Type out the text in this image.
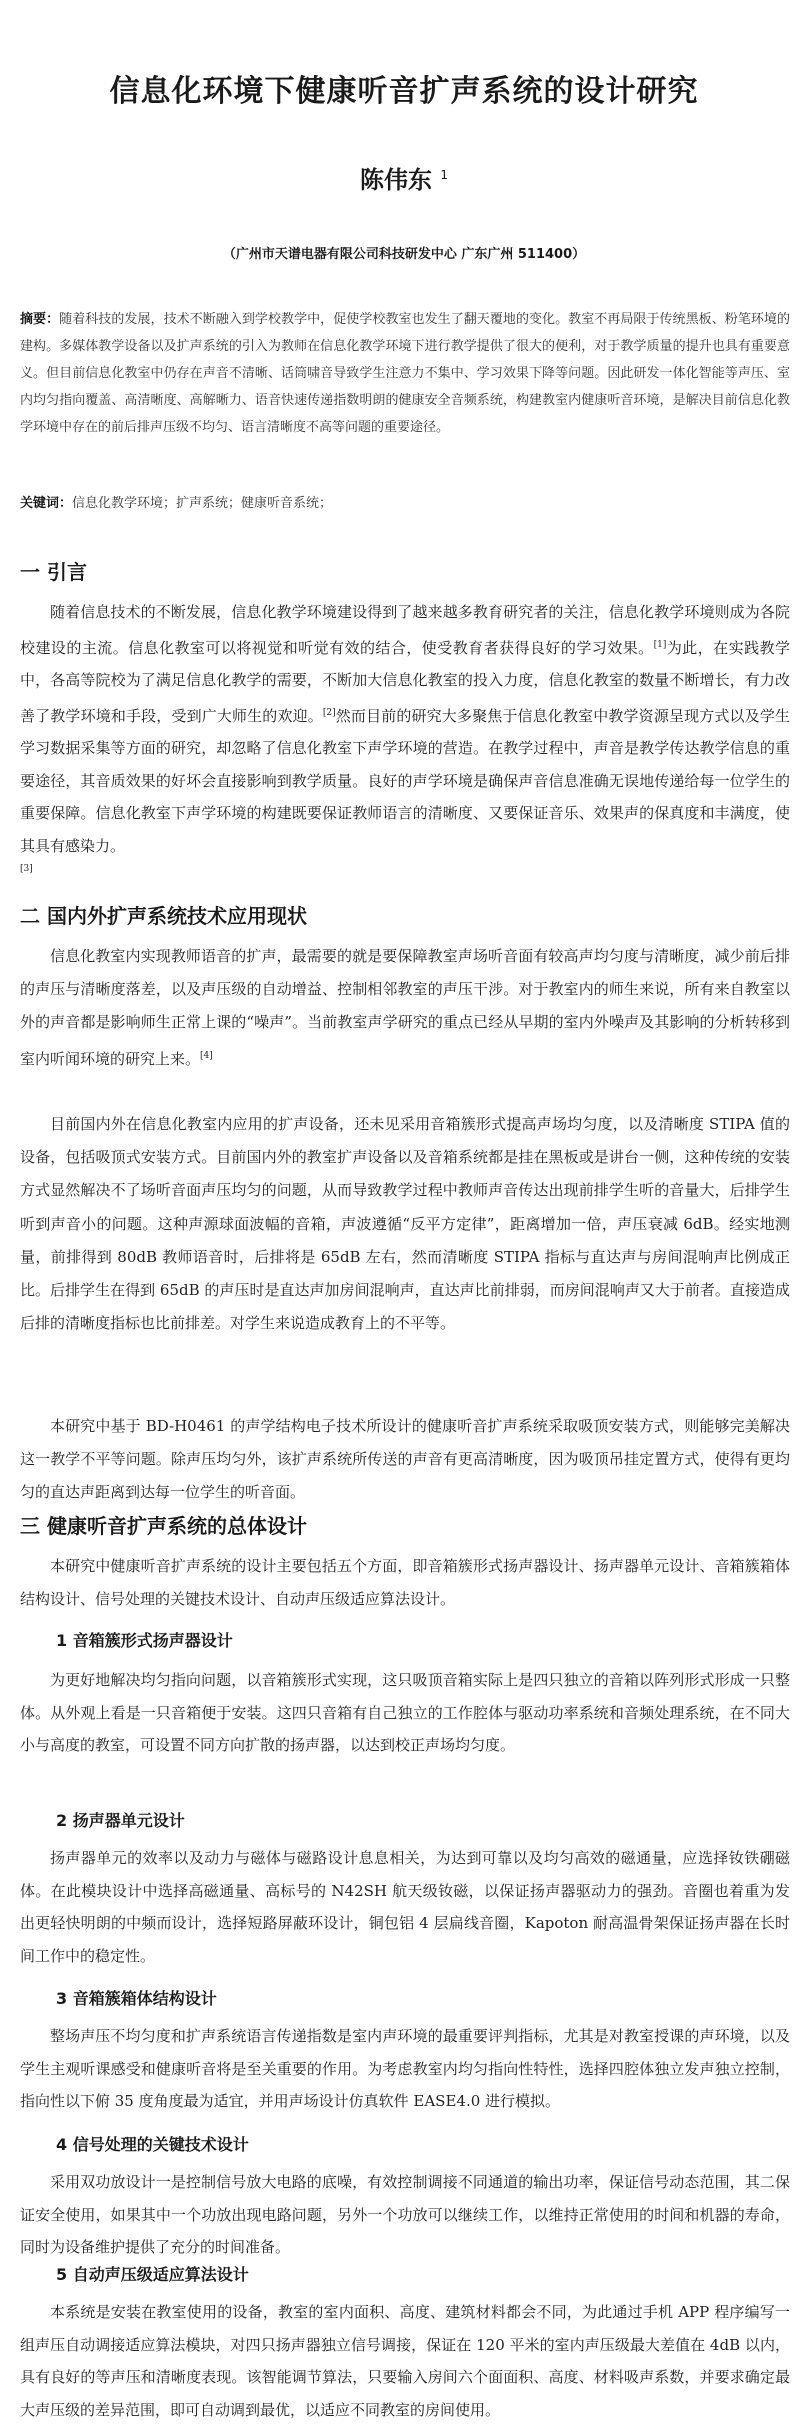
信息化环境下健康听音扩声系统的设计研究
陈伟东 $^1$
（广州市天谱电器有限公司科技研发中心 广东广州 511400）
摘要：随着科技的发展，技术不断融入到学校教学中，促使学校教室也发生了翻天覆地的变化。教室不再局限于传统黑板、粉笔环境的建构。多媒体教学设备以及扩声系统的引入为教师在信息化教学环境下进行教学提供了很大的便利，对于教学质量的提升也具有重要意义。但目前信息化教室中仍存在声音不清晰、话筒啸音导致学生注意力不集中、学习效果下降等问题。因此研发一体化智能等声压、室内均匀指向覆盖、高清晰度、高解晰力、语音快速传递指数明朗的健康安全音频系统，构建教室内健康听音环境，是解决目前信息化教学环境中存在的前后排声压级不均匀、语言清晰度不高等问题的重要途径。
关键词：信息化教学环境；扩声系统；健康听音系统；
一 引言
随着信息技术的不断发展，信息化教学环境建设得到了越来越多教育研究者的关注，信息化教学环境则成为各院校建设的主流。信息化教室可以将视觉和听觉有效的结合，使受教育者获得良好的学习效果。[1]为此，在实践教学中，各高等院校为了满足信息化教学的需要，不断加大信息化教室的投入力度，信息化教室的数量不断增长，有力改善了教学环境和手段，受到广大师生的欢迎。[2]然而目前的研究大多聚焦于信息化教室中教学资源呈现方式以及学生学习数据采集等方面的研究，却忽略了信息化教室下声学环境的营造。在教学过程中，声音是教学传达教学信息的重要途径，其音质效果的好坏会直接影响到教学质量。良好的声学环境是确保声音信息准确无误地传递给每一位学生的重要保障。信息化教室下声学环境的构建既要保证教师语言的清晰度、又要保证音乐、效果声的保真度和丰满度，使其具有感染力。
[3]
二 国内外扩声系统技术应用现状
信息化教室内实现教师语音的扩声，最需要的就是要保障教室声场听音面有较高声均匀度与清晰度，减少前后排的声压与清晰度落差，以及声压级的自动增益、控制相邻教室的声压干涉。对于教室内的师生来说，所有来自教室以外的声音都是影响师生正常上课的“噪声”。当前教室声学研究的重点已经从早期的室内外噪声及其影响的分析转移到室内听闻环境的研究上来。[4]
目前国内外在信息化教室内应用的扩声设备，还未见采用音箱簇形式提高声场均匀度，以及清晰度 STIPA 值的设备，包括吸顶式安装方式。目前国内外的教室扩声设备以及音箱系统都是挂在黑板或是讲台一侧，这种传统的安装方式显然解决不了场听音面声压均匀的问题，从而导致教学过程中教师声音传达出现前排学生听的音量大，后排学生听到声音小的问题。这种声源球面波幅的音箱，声波遵循“反平方定律”，距离增加一倍，声压衰减 6dB。经实地测量，前排得到 80dB 教师语音时，后排将是 65dB 左右，然而清晰度 STIPA 指标与直达声与房间混响声比例成正比。后排学生在得到 65dB 的声压时是直达声加房间混响声，直达声比前排弱，而房间混响声又大于前者。直接造成后排的清晰度指标也比前排差。对学生来说造成教育上的不平等。
本研究中基于 BD-H0461 的声学结构电子技术所设计的健康听音扩声系统采取吸顶安装方式，则能够完美解决这一教学不平等问题。除声压均匀外，该扩声系统所传送的声音有更高清晰度，因为吸顶吊挂定置方式，使得有更均匀的直达声距离到达每一位学生的听音面。
三 健康听音扩声系统的总体设计
本研究中健康听音扩声系统的设计主要包括五个方面，即音箱簇形式扬声器设计、扬声器单元设计、音箱簇箱体结构设计、信号处理的关键技术设计、自动声压级适应算法设计。
1 音箱簇形式扬声器设计
为更好地解决均匀指向问题，以音箱簇形式实现，这只吸顶音箱实际上是四只独立的音箱以阵列形式形成一只整体。从外观上看是一只音箱便于安装。这四只音箱有自己独立的工作腔体与驱动功率系统和音频处理系统，在不同大小与高度的教室，可设置不同方向扩散的扬声器，以达到校正声场均匀度。
2 扬声器单元设计
扬声器单元的效率以及动力与磁体与磁路设计息息相关，为达到可靠以及均匀高效的磁通量，应选择钕铁硼磁体。在此模块设计中选择高磁通量、高标号的 N42SH 航天级钕磁，以保证扬声器驱动力的强劲。音圈也着重为发出更轻快明朗的中频而设计，选择短路屏蔽环设计，铜包铝 4 层扁线音圈，Kapoton 耐高温骨架保证扬声器在长时间工作中的稳定性。
3 音箱簇箱体结构设计
整场声压不均匀度和扩声系统语言传递指数是室内声环境的最重要评判指标，尤其是对教室授课的声环境，以及学生主观听课感受和健康听音将是至关重要的作用。为考虑教室内均匀指向性特性，选择四腔体独立发声独立控制，指向性以下俯 35 度角度最为适宜，并用声场设计仿真软件 EASE4.0 进行模拟。
4 信号处理的关键技术设计
采用双功放设计一是控制信号放大电路的底噪，有效控制调接不同通道的输出功率，保证信号动态范围，其二保证安全使用，如果其中一个功放出现电路问题，另外一个功放可以继续工作，以维持正常使用的时间和机器的寿命，同时为设备维护提供了充分的时间准备。
5 自动声压级适应算法设计
本系统是安装在教室使用的设备，教室的室内面积、高度、建筑材料都会不同，为此通过手机 APP 程序编写一组声压自动调接适应算法模块，对四只扬声器独立信号调接，保证在 120 平米的室内声压级最大差值在 4dB 以内，具有良好的等声压和清晰度表现。该智能调节算法，只要输入房间六个面面积、高度、材料吸声系数，并要求确定最大声压级的差异范围，即可自动调到最优，以适应不同教室的房间使用。
